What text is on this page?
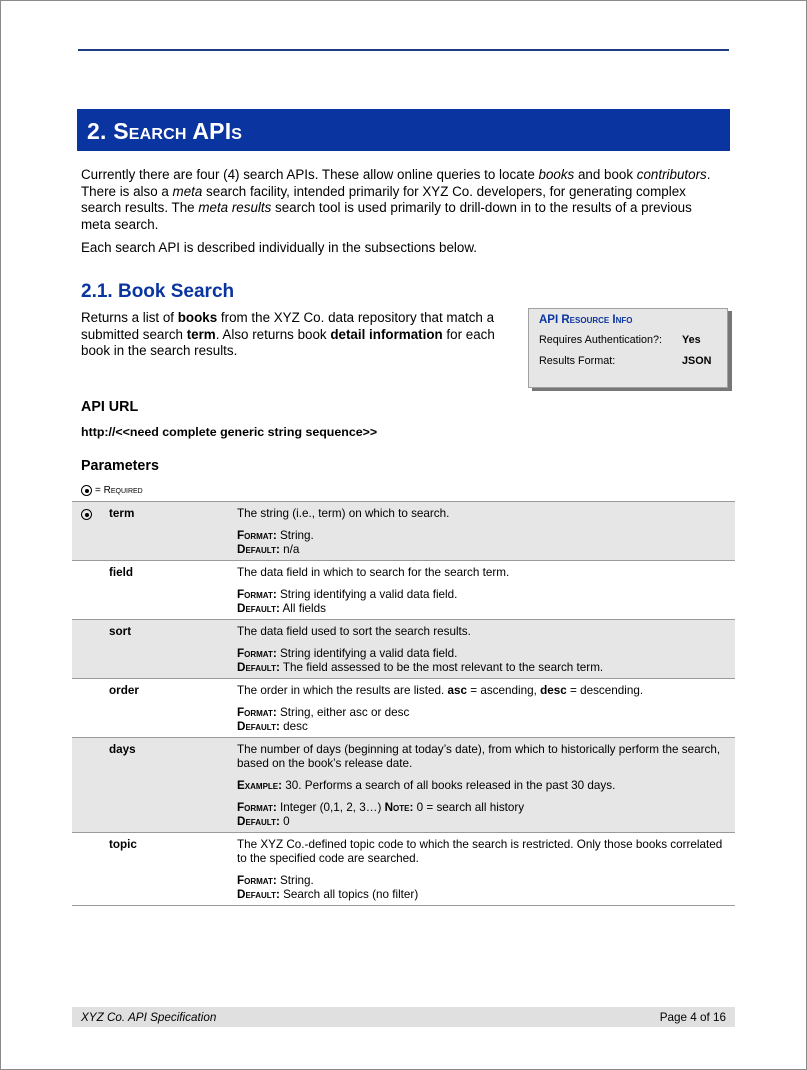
2. Search APIs
Currently there are four (4) search APIs. These allow online queries to locate books and book contributors. There is also a meta search facility, intended primarily for XYZ Co. developers, for generating complex search results. The meta results search tool is used primarily to drill-down in to the results of a previous meta search.
Each search API is described individually in the subsections below.
2.1. Book Search
Returns a list of books from the XYZ Co. data repository that match a submitted search term. Also returns book detail information for each book in the search results.
API Resource Info
Requires Authentication?:	Yes
Results Format:	JSON
API URL
http://<<need complete generic string sequence>>
Parameters
= Required
term	The string (i.e., term) on which to search.
Format: String.
Default: n/a
field	The data field in which to search for the search term.
Format: String identifying a valid data field.
Default: All fields
sort	The data field used to sort the search results.
Format: String identifying a valid data field.
Default: The field assessed to be the most relevant to the search term.
order	The order in which the results are listed. asc = ascending, desc = descending.
Format: String, either asc or desc
Default: desc
days	The number of days (beginning at today’s date), from which to historically perform the search, based on the book’s release date.
Example: 30. Performs a search of all books released in the past 30 days.
Format: Integer (0,1, 2, 3…) Note: 0 = search all history
Default: 0
topic	The XYZ Co.-defined topic code to which the search is restricted. Only those books correlated to the specified code are searched.
Format: String.
Default: Search all topics (no filter)
XYZ Co. API Specification	Page 4 of 16
